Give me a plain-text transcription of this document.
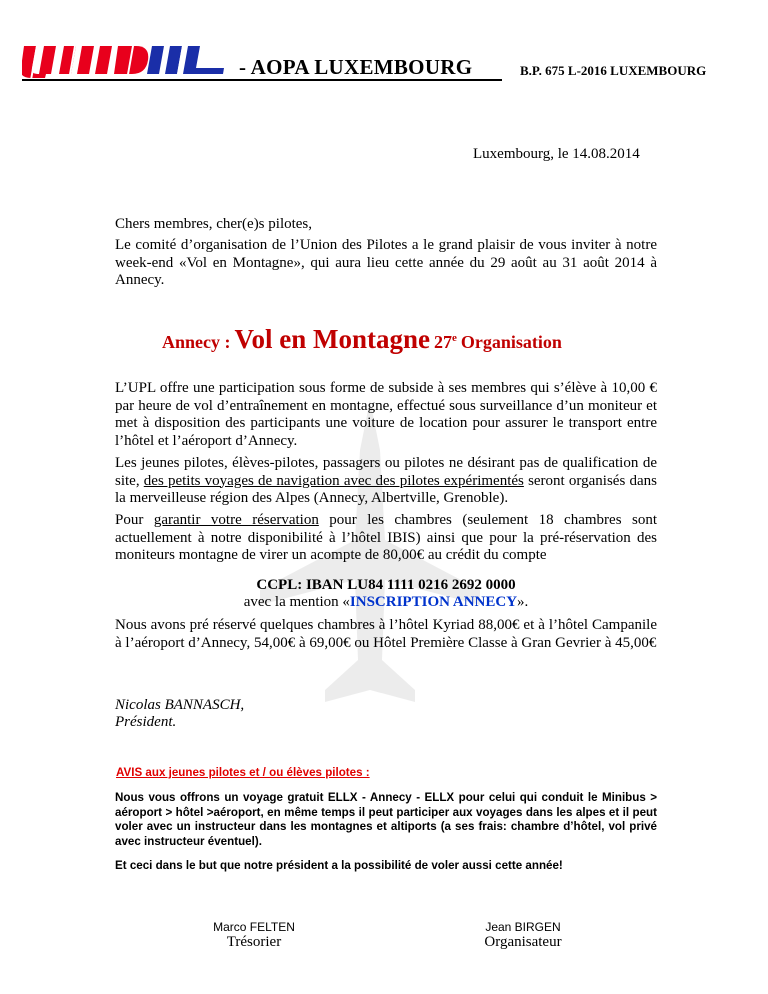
- AOPA LUXEMBOURG	B.P. 675 L-2016 LUXEMBOURG
Luxembourg, le 14.08.2014
Chers membres, cher(e)s pilotes,
Le comité d’organisation de l’Union des Pilotes a le grand plaisir de vous inviter à notre week-end «Vol en Montagne», qui aura lieu cette année du 29 août au 31 août 2014 à Annecy.
Annecy : Vol en Montagne 27e Organisation
L’UPL offre une participation sous forme de subside à ses membres qui s’élève à 10,00 € par heure de vol d’entraînement en montagne, effectué sous surveillance d’un moniteur et met à disposition des participants une voiture de location pour assurer le transport entre l’hôtel et l’aéroport d’Annecy.
Les jeunes pilotes, élèves-pilotes, passagers ou pilotes ne désirant pas de qualification de site, des petits voyages de navigation avec des pilotes expérimentés seront organisés dans la merveilleuse région des Alpes (Annecy, Albertville, Grenoble).
Pour garantir votre réservation pour les chambres (seulement 18 chambres sont actuellement à notre disponibilité à l’hôtel IBIS) ainsi que pour la pré-réservation des moniteurs montagne de virer un acompte de 80,00€ au crédit du compte
CCPL: IBAN LU84 1111 0216 2692 0000
avec la mention «INSCRIPTION ANNECY».
Nous avons pré réservé quelques chambres à l’hôtel Kyriad 88,00€ et à l’hôtel Campanile à l’aéroport d’Annecy, 54,00€ à 69,00€ ou Hôtel Première Classe à Gran Gevrier à 45,00€
Nicolas BANNASCH,
Président.
AVIS aux jeunes pilotes et / ou élèves pilotes :
Nous vous offrons un voyage gratuit ELLX - Annecy - ELLX pour celui qui conduit le Minibus > aéroport > hôtel >aéroport, en même temps il peut participer aux voyages dans les alpes et il peut voler avec un instructeur dans les montagnes et altiports (a ses frais: chambre d’hôtel, vol privé avec instructeur éventuel).
Et ceci dans le but que notre président a la possibilité de voler aussi cette année!
Marco FELTEN
Trésorier
Jean BIRGEN
Organisateur
